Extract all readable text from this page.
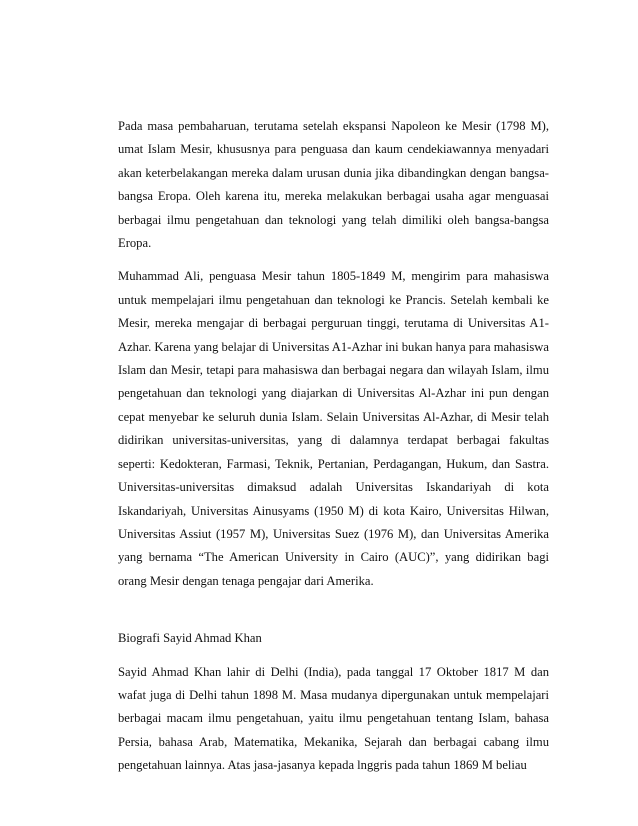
Pada masa pembaharuan, terutama setelah ekspansi Napoleon ke Mesir (1798 M), umat Islam Mesir, khususnya para penguasa dan kaum cendekiawannya menyadari akan keterbelakangan mereka dalam urusan dunia jika dibandingkan dengan bangsa-bangsa Eropa. Oleh karena itu, mereka melakukan berbagai usaha agar menguasai berbagai ilmu pengetahuan dan teknologi yang telah dimiliki oleh bangsa-bangsa Eropa.

Muhammad Ali, penguasa Mesir tahun 1805-1849 M, mengirim para mahasiswa untuk mempelajari ilmu pengetahuan dan teknologi ke Prancis. Setelah kembali ke Mesir, mereka mengajar di berbagai perguruan tinggi, terutama di Universitas A1-Azhar. Karena yang belajar di Universitas A1-Azhar ini bukan hanya para mahasiswa Islam dan Mesir, tetapi para mahasiswa dan berbagai negara dan wilayah Islam, ilmu pengetahuan dan teknologi yang diajarkan di Universitas Al-Azhar ini pun dengan cepat menyebar ke seluruh dunia Islam. Selain Universitas Al-Azhar, di Mesir telah didirikan universitas-universitas, yang di dalamnya terdapat berbagai fakultas seperti: Kedokteran, Farmasi, Teknik, Pertanian, Perdagangan, Hukum, dan Sastra. Universitas-universitas dimaksud adalah Universitas Iskandariyah di kota Iskandariyah, Universitas Ainusyams (1950 M) di kota Kairo, Universitas Hilwan, Universitas Assiut (1957 M), Universitas Suez (1976 M), dan Universitas Amerika yang bernama “The American University in Cairo (AUC)”, yang didirikan bagi orang Mesir dengan tenaga pengajar dari Amerika.

Biografi Sayid Ahmad Khan

Sayid Ahmad Khan lahir di Delhi (India), pada tanggal 17 Oktober 1817 M dan wafat juga di Delhi tahun 1898 M. Masa mudanya dipergunakan untuk mempelajari berbagai macam ilmu pengetahuan, yaitu ilmu pengetahuan tentang Islam, bahasa Persia, bahasa Arab, Matematika, Mekanika, Sejarah dan berbagai cabang ilmu pengetahuan lainnya. Atas jasa-jasanya kepada lnggris pada tahun 1869 M beliau
